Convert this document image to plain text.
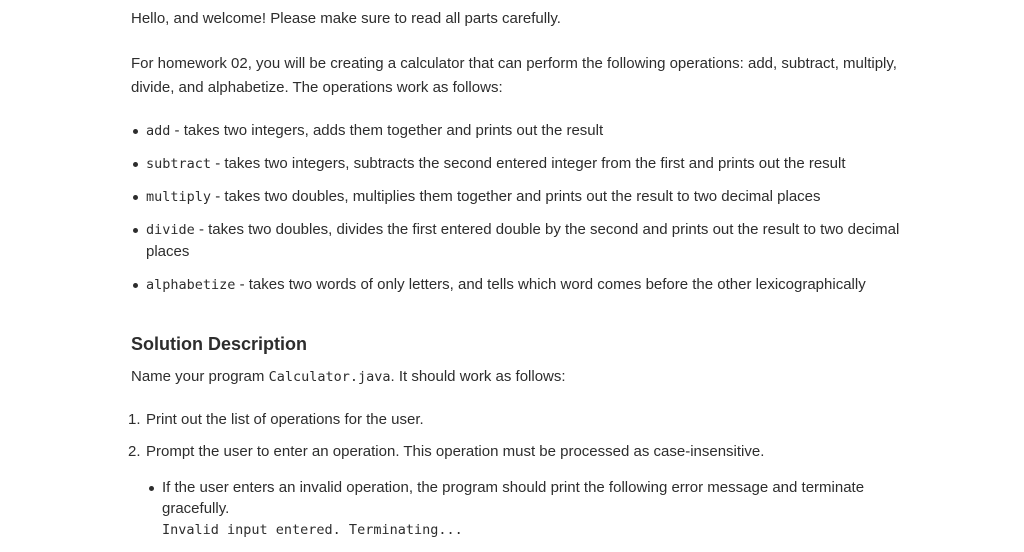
Hello, and welcome! Please make sure to read all parts carefully.

For homework 02, you will be creating a calculator that can perform the following operations: add, subtract, multiply, divide, and alphabetize. The operations work as follows:

add - takes two integers, adds them together and prints out the result
subtract - takes two integers, subtracts the second entered integer from the first and prints out the result
multiply - takes two doubles, multiplies them together and prints out the result to two decimal places
divide - takes two doubles, divides the first entered double by the second and prints out the result to two decimal places
alphabetize - takes two words of only letters, and tells which word comes before the other lexicographically
Solution Description

Name your program Calculator.java. It should work as follows:

1. Print out the list of operations for the user.
2. Prompt the user to enter an operation. This operation must be processed as case-insensitive.
If the user enters an invalid operation, the program should print the following error message and terminate gracefully.
Invalid input entered. Terminating...
